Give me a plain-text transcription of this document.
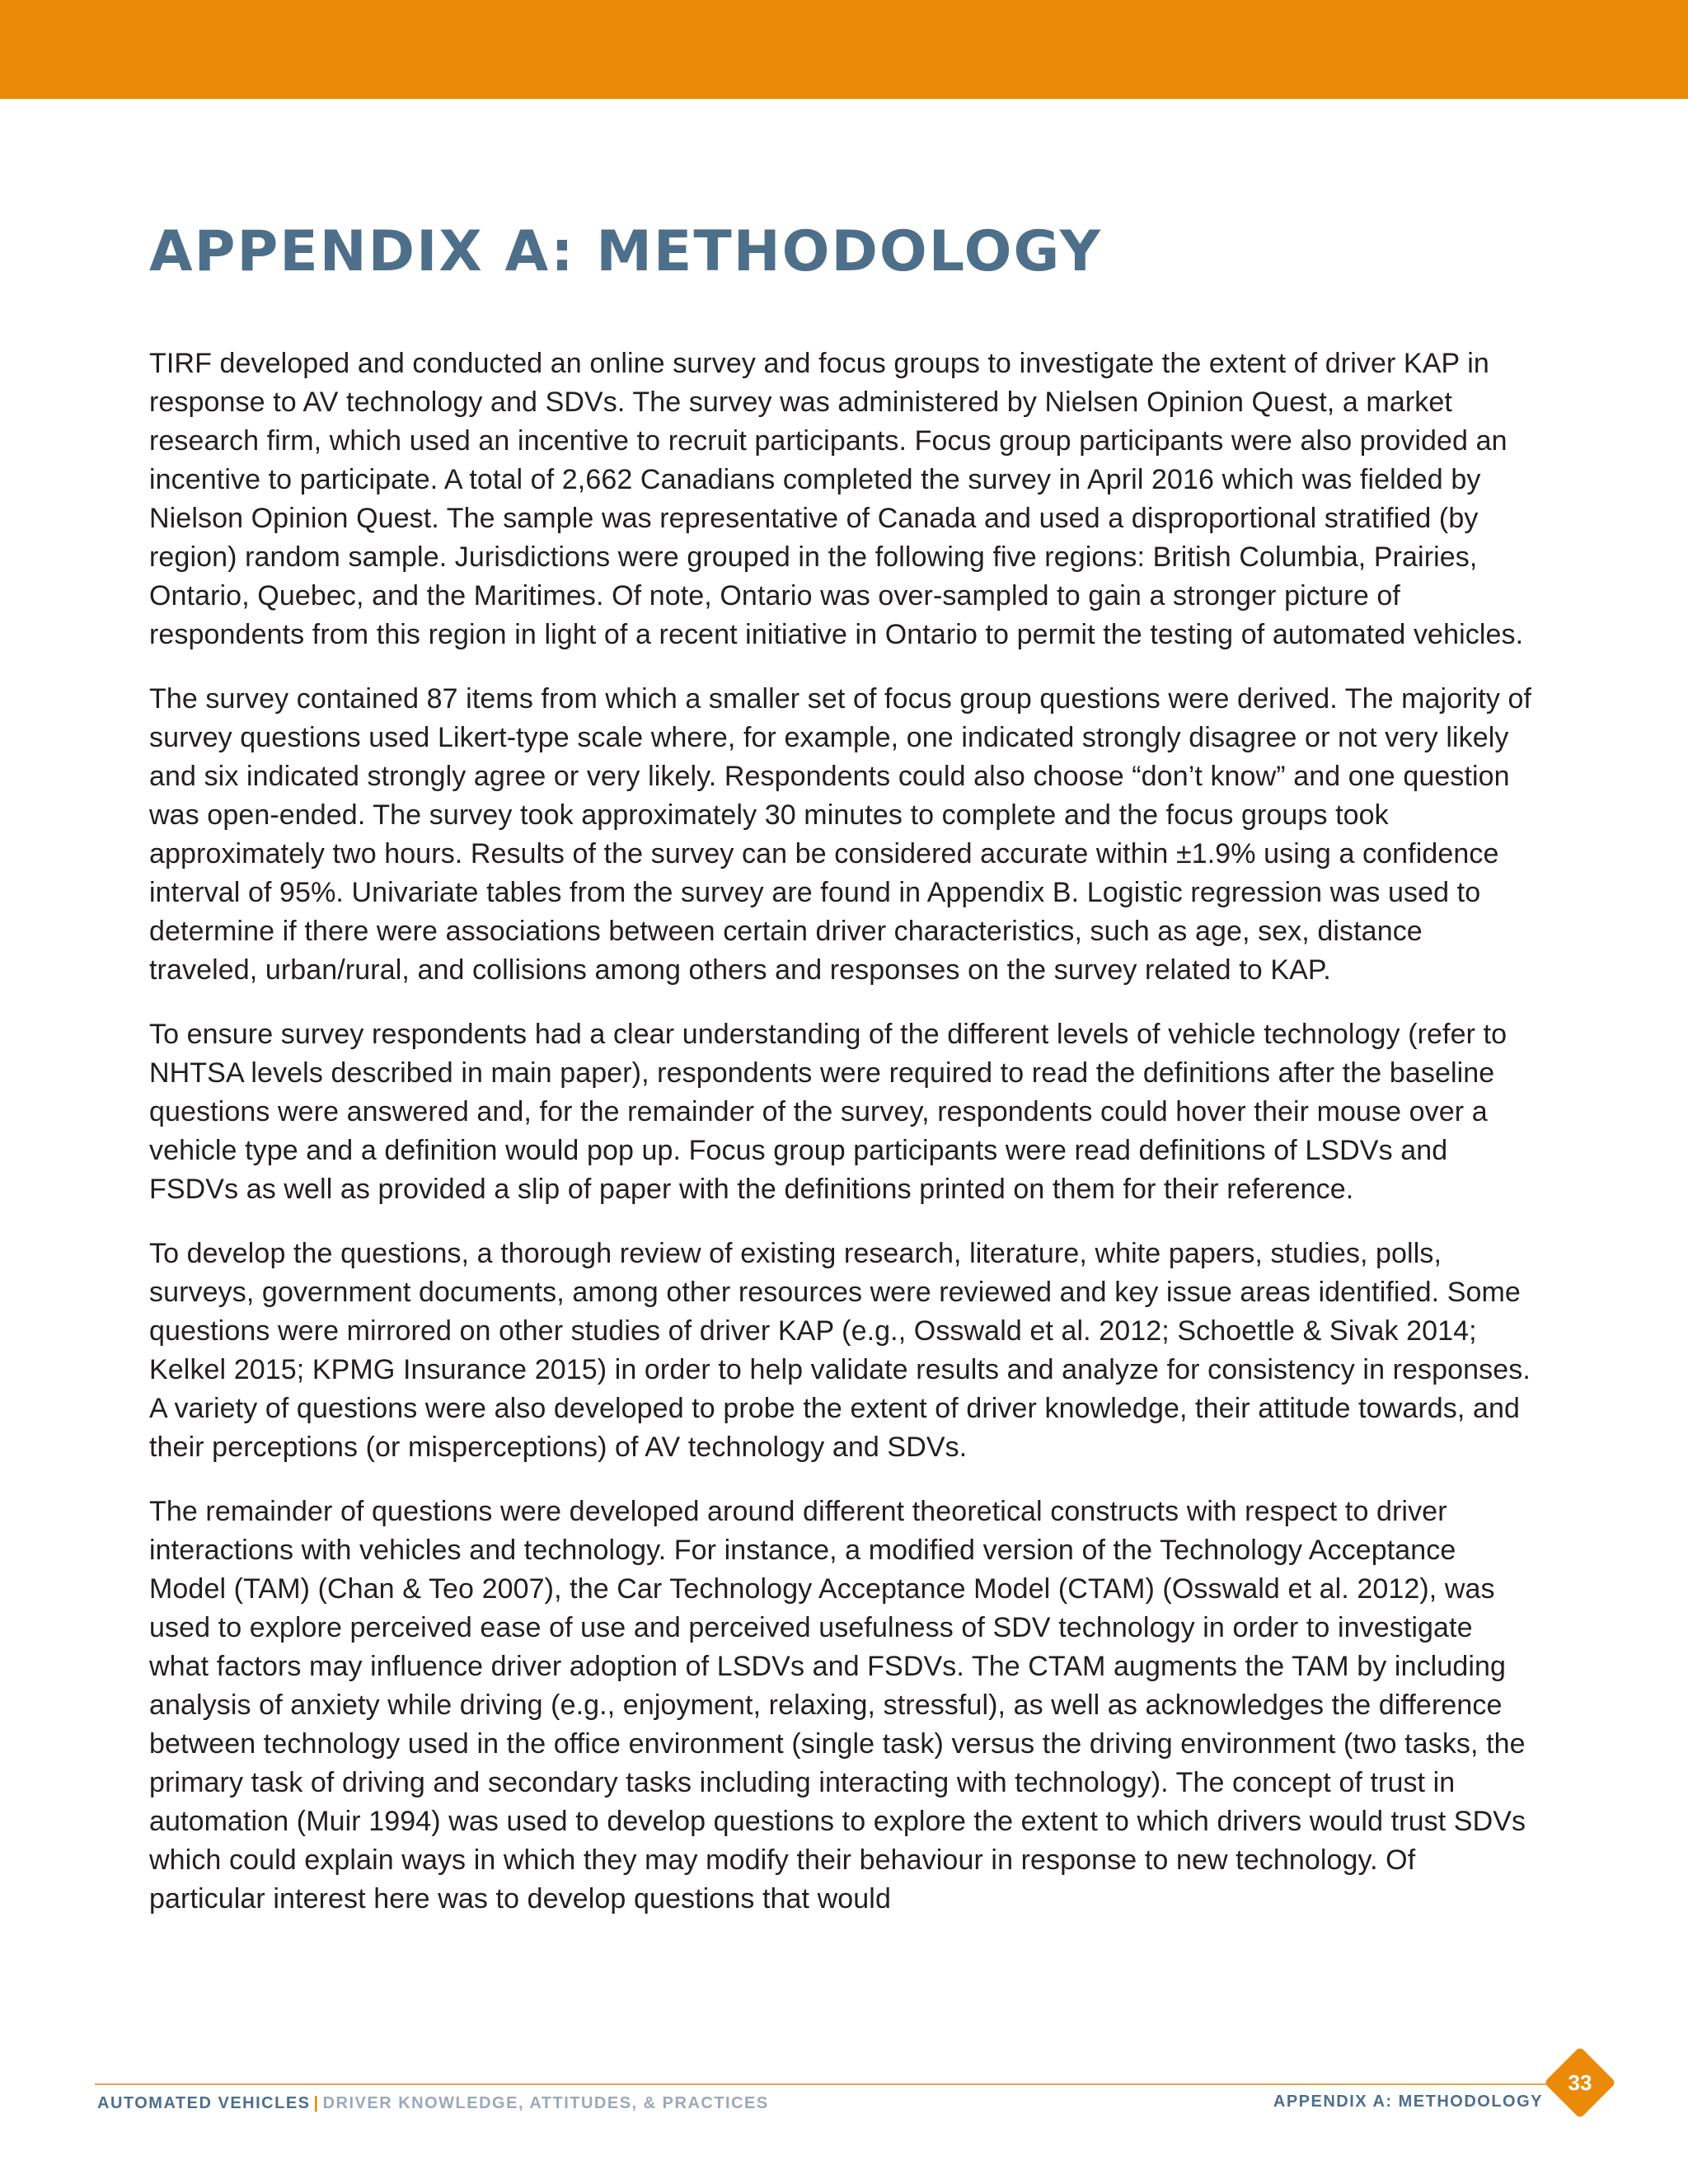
APPENDIX A: METHODOLOGY

TIRF developed and conducted an online survey and focus groups to investigate the extent of driver KAP in response to AV technology and SDVs. The survey was administered by Nielsen Opinion Quest, a market research firm, which used an incentive to recruit participants. Focus group participants were also provided an incentive to participate. A total of 2,662 Canadians completed the survey in April 2016 which was fielded by Nielson Opinion Quest. The sample was representative of Canada and used a disproportional stratified (by region) random sample. Jurisdictions were grouped in the following five regions: British Columbia, Prairies, Ontario, Quebec, and the Maritimes. Of note, Ontario was over-sampled to gain a stronger picture of respondents from this region in light of a recent initiative in Ontario to permit the testing of automated vehicles.

The survey contained 87 items from which a smaller set of focus group questions were derived. The majority of survey questions used Likert-type scale where, for example, one indicated strongly disagree or not very likely and six indicated strongly agree or very likely. Respondents could also choose “don’t know” and one question was open-ended. The survey took approximately 30 minutes to complete and the focus groups took approximately two hours. Results of the survey can be considered accurate within ±1.9% using a confidence interval of 95%. Univariate tables from the survey are found in Appendix B. Logistic regression was used to determine if there were associations between certain driver characteristics, such as age, sex, distance traveled, urban/rural, and collisions among others and responses on the survey related to KAP.

To ensure survey respondents had a clear understanding of the different levels of vehicle technology (refer to NHTSA levels described in main paper), respondents were required to read the definitions after the baseline questions were answered and, for the remainder of the survey, respondents could hover their mouse over a vehicle type and a definition would pop up. Focus group participants were read definitions of LSDVs and FSDVs as well as provided a slip of paper with the definitions printed on them for their reference.

To develop the questions, a thorough review of existing research, literature, white papers, studies, polls, surveys, government documents, among other resources were reviewed and key issue areas identified. Some questions were mirrored on other studies of driver KAP (e.g., Osswald et al. 2012; Schoettle & Sivak 2014; Kelkel 2015; KPMG Insurance 2015) in order to help validate results and analyze for consistency in responses. A variety of questions were also developed to probe the extent of driver knowledge, their attitude towards, and their perceptions (or misperceptions) of AV technology and SDVs.

The remainder of questions were developed around different theoretical constructs with respect to driver interactions with vehicles and technology. For instance, a modified version of the Technology Acceptance Model (TAM) (Chan & Teo 2007), the Car Technology Acceptance Model (CTAM) (Osswald et al. 2012), was used to explore perceived ease of use and perceived usefulness of SDV technology in order to investigate what factors may influence driver adoption of LSDVs and FSDVs. The CTAM augments the TAM by including analysis of anxiety while driving (e.g., enjoyment, relaxing, stressful), as well as acknowledges the difference between technology used in the office environment (single task) versus the driving environment (two tasks, the primary task of driving and secondary tasks including interacting with technology). The concept of trust in automation (Muir 1994) was used to develop questions to explore the extent to which drivers would trust SDVs which could explain ways in which they may modify their behaviour in response to new technology. Of particular interest here was to develop questions that would

AUTOMATED VEHICLES | DRIVER KNOWLEDGE, ATTITUDES, & PRACTICES	APPENDIX A: METHODOLOGY
33
